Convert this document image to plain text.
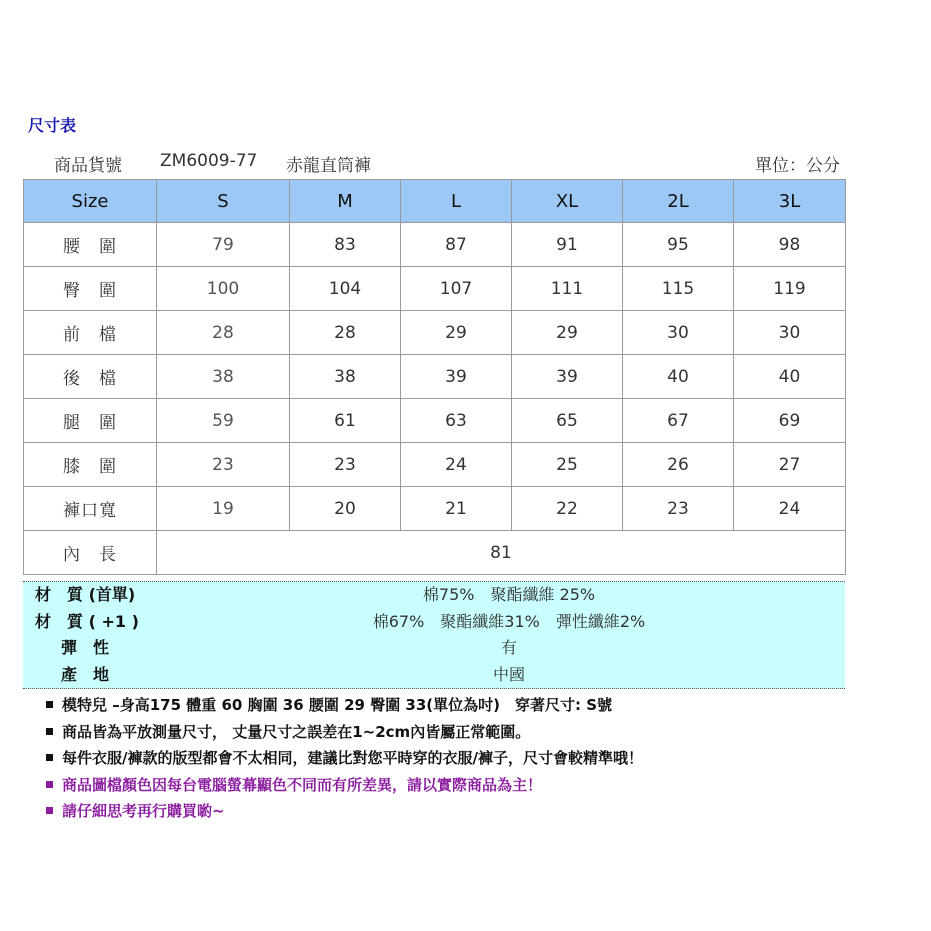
尺寸表
商品貨號 ZM6009-77 赤龍直筒褲	單位：公分
Size	S	M	L	XL	2L	3L
腰　圍	79	83	87	91	95	98
臀　圍	100	104	107	111	115	119
前　檔	28	28	29	29	30	30
後　檔	38	38	39	39	40	40
腿　圍	59	61	63	65	67	69
膝　圍	23	23	24	25	26	27
褲口寬	19	20	21	22	23	24
內　長	81					
材　質 (首單)	棉75%　聚酯纖維 25%
材　質 ( +1 )	棉67%　聚酯纖維31%　彈性纖維2%
彈　性	有
產　地	中國
模特兒 –身高175 體重 60 胸圍 36 腰圍 29 臀圍 33(單位為吋)　穿著尺寸: S號
商品皆為平放測量尺寸， 丈量尺寸之誤差在1~2cm內皆屬正常範圍。
每件衣服/褲款的版型都會不太相同，建議比對您平時穿的衣服/褲子，尺寸會較精準哦！
商品圖檔顏色因每台電腦螢幕顯色不同而有所差異，請以實際商品為主！
請仔細思考再行購買喲~
